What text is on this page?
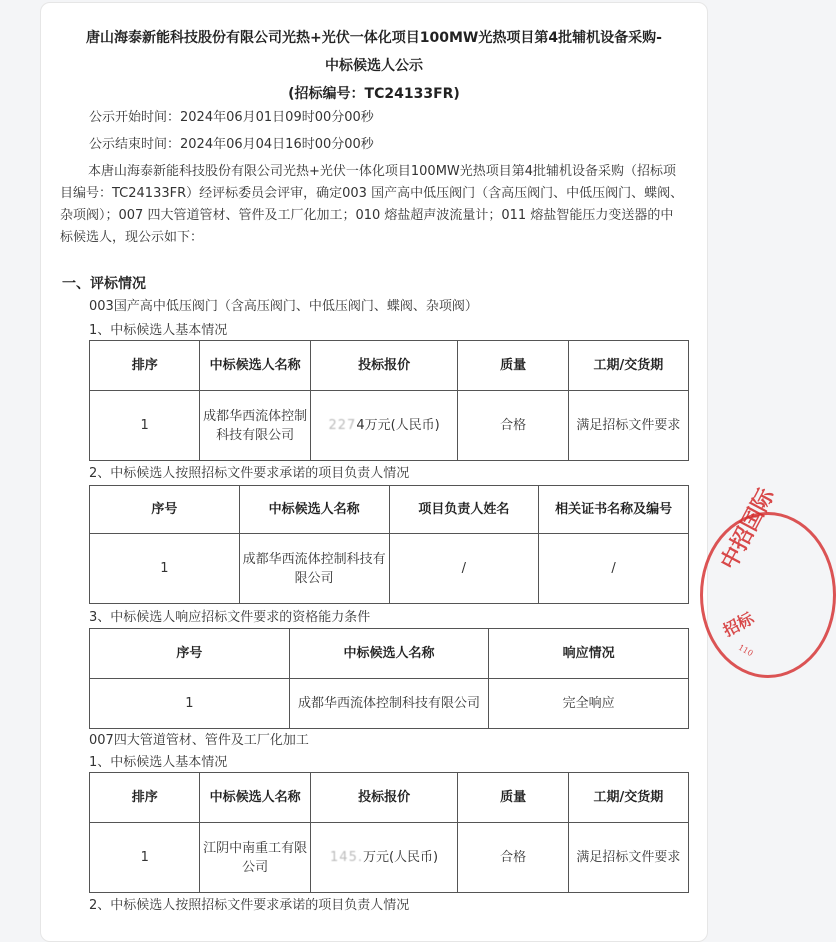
唐山海泰新能科技股份有限公司光热+光伏一体化项目100MW光热项目第4批辅机设备采购-
中标候选人公示
(招标编号：TC24133FR)
公示开始时间：2024年06月01日09时00分00秒
公示结束时间：2024年06月04日16时00分00秒
本唐山海泰新能科技股份有限公司光热+光伏一体化项目100MW光热项目第4批辅机设备采购（招标项目编号：TC24133FR）经评标委员会评审，确定003 国产高中低压阀门（含高压阀门、中低压阀门、蝶阀、杂项阀）；007 四大管道管材、管件及工厂化加工；010 熔盐超声波流量计；011 熔盐智能压力变送器的中标候选人，现公示如下：
一、评标情况
003国产高中低压阀门（含高压阀门、中低压阀门、蝶阀、杂项阀）
1、中标候选人基本情况
排序	中标候选人名称	投标报价	质量	工期/交货期
1	成都华西流体控制科技有限公司	2274万元(人民币)	合格	满足招标文件要求
2、中标候选人按照招标文件要求承诺的项目负责人情况
序号	中标候选人名称	项目负责人姓名	相关证书名称及编号
1	成都华西流体控制科技有限公司	/	/
3、中标候选人响应招标文件要求的资格能力条件
序号	中标候选人名称	响应情况
1	成都华西流体控制科技有限公司	完全响应
007四大管道管材、管件及工厂化加工
1、中标候选人基本情况
排序	中标候选人名称	投标报价	质量	工期/交货期
1	江阴中南重工有限公司	145.万元(人民币)	合格	满足招标文件要求
2、中标候选人按照招标文件要求承诺的项目负责人情况
中招国际
招标
110
